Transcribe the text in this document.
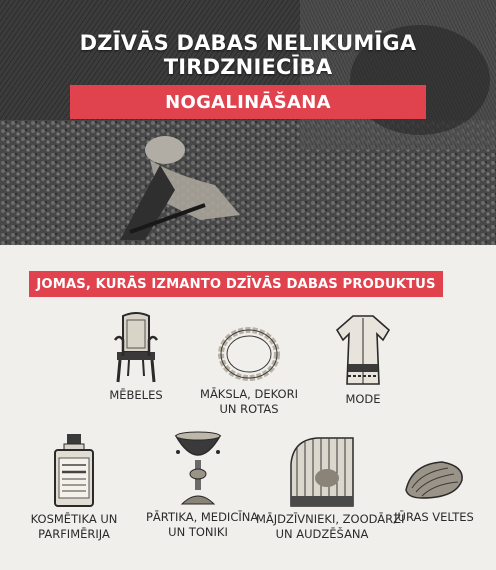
DZĪVĀS DABAS NELIKUMĪGA
TIRDZNIECĪBA
NOGALINĀŠANA
JOMAS, KURĀS IZMANTO DZĪVĀS DABAS PRODUKTUS
MĒBELES	MĀKSLA, DEKORI
UN ROTAS
MODE
KOSMĒTIKA UN
PARFIMĒRIJA
PĀRTIKA, MEDICĪNA
UN TONIKI
MĀJDZĪVNIEKI, ZOODĀRZI
UN AUDZĒŠANA
JŪRAS VELTES
